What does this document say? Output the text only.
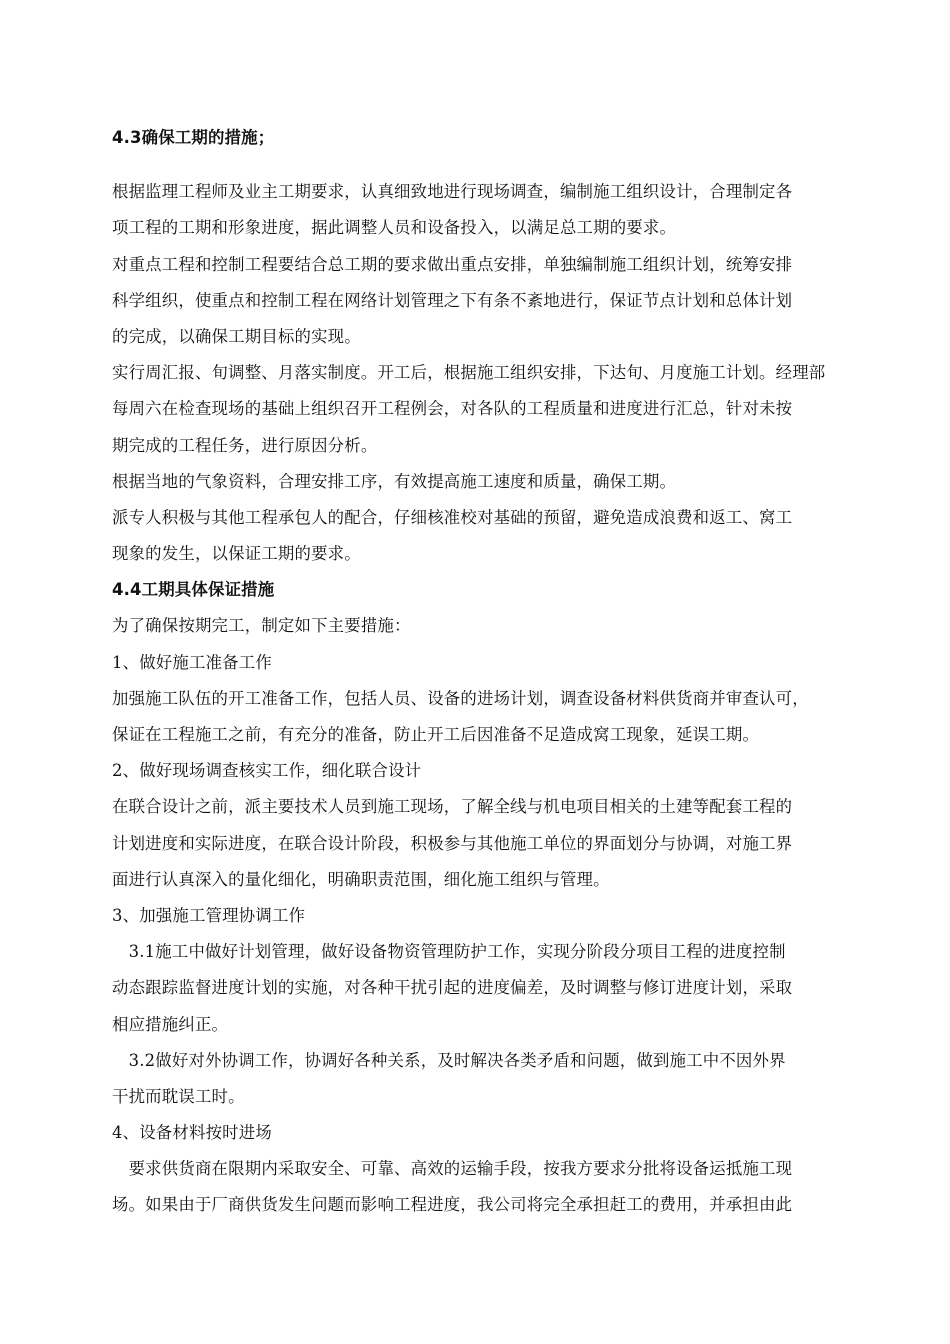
4.3确保工期的措施；
根据监理工程师及业主工期要求，认真细致地进行现场调查，编制施工组织设计，合理制定各
项工程的工期和形象进度，据此调整人员和设备投入，以满足总工期的要求。
对重点工程和控制工程要结合总工期的要求做出重点安排，单独编制施工组织计划，统筹安排
科学组织，使重点和控制工程在网络计划管理之下有条不紊地进行，保证节点计划和总体计划
的完成，以确保工期目标的实现。
实行周汇报、旬调整、月落实制度。开工后，根据施工组织安排，下达旬、月度施工计划。经理部
每周六在检查现场的基础上组织召开工程例会，对各队的工程质量和进度进行汇总，针对未按
期完成的工程任务，进行原因分析。
根据当地的气象资料，合理安排工序，有效提高施工速度和质量，确保工期。
派专人积极与其他工程承包人的配合，仔细核准校对基础的预留，避免造成浪费和返工、窝工
现象的发生，以保证工期的要求。
4.4工期具体保证措施
为了确保按期完工，制定如下主要措施：
1、做好施工准备工作
加强施工队伍的开工准备工作，包括人员、设备的进场计划，调查设备材料供货商并审查认可，
保证在工程施工之前，有充分的准备，防止开工后因准备不足造成窝工现象，延误工期。
2、做好现场调查核实工作，细化联合设计
在联合设计之前，派主要技术人员到施工现场，了解全线与机电项目相关的土建等配套工程的
计划进度和实际进度，在联合设计阶段，积极参与其他施工单位的界面划分与协调，对施工界
面进行认真深入的量化细化，明确职责范围，细化施工组织与管理。
3、加强施工管理协调工作
　3.1施工中做好计划管理，做好设备物资管理防护工作，实现分阶段分项目工程的进度控制
动态跟踪监督进度计划的实施，对各种干扰引起的进度偏差，及时调整与修订进度计划，采取
相应措施纠正。
　3.2做好对外协调工作，协调好各种关系，及时解决各类矛盾和问题，做到施工中不因外界
干扰而耽误工时。
4、设备材料按时进场
　要求供货商在限期内采取安全、可靠、高效的运输手段，按我方要求分批将设备运抵施工现
场。如果由于厂商供货发生问题而影响工程进度，我公司将完全承担赶工的费用，并承担由此
